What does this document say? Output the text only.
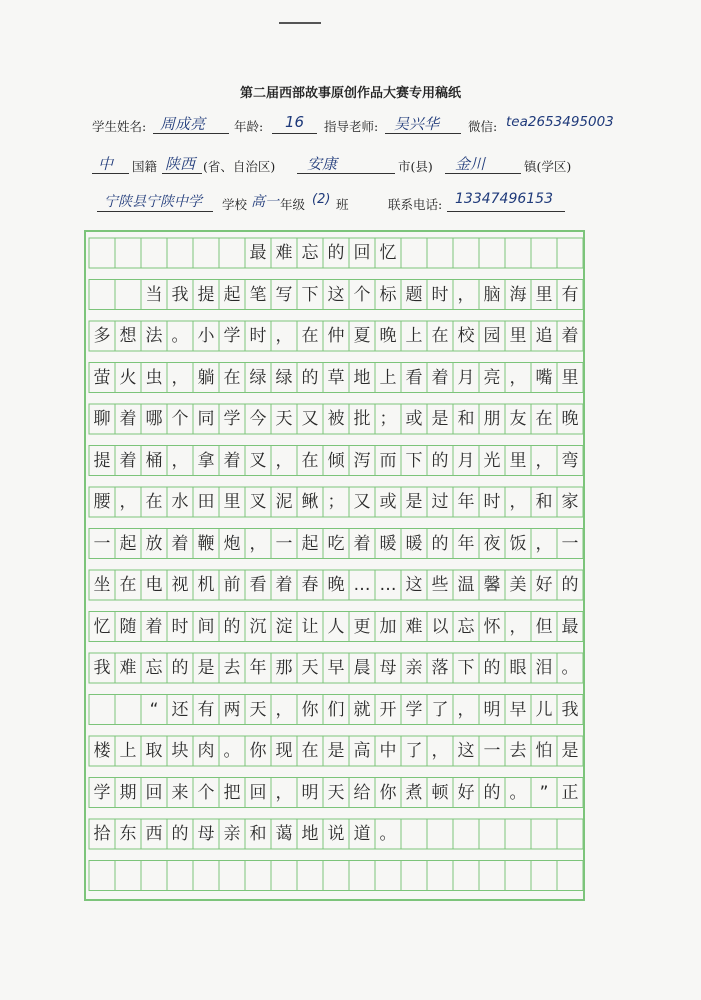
第二届西部故事原创作品大赛专用稿纸
学生姓名: 周成亮 年龄: 16 指导老师: 吴兴华 微信: tea2653495003
中 国籍 陕西 (省、自治区) 安康	市(县) 金川	镇(学区)
宁陕县宁陕中学 学校 高一 年级 (2) 班	联系电话: 13347496153
最 难 忘 的 回 忆
当 我 提 起 笔 写 下 这 个 标 题 时 ， 脑 海 里 有
多 想 法 。 小 学 时 ， 在 仲 夏 晚 上 在 校 园 里 追 着
萤 火 虫 ， 躺 在 绿 绿 的 草 地 上 看 着 月 亮 ， 嘴 里
聊 着 哪 个 同 学 今 天 又 被 批 ； 或 是 和 朋 友 在 晚
提 着 桶 ， 拿 着 叉 ， 在 倾 泻 而 下 的 月 光 里 ， 弯
腰 ， 在 水 田 里 叉 泥 鳅 ； 又 或 是 过 年 时 ， 和 家
一 起 放 着 鞭 炮 ， 一 起 吃 着 暖 暖 的 年 夜 饭 ， 一
坐 在 电 视 机 前 看 着 春 晚 … … 这 些 温 馨 美 好 的
忆 随 着 时 间 的 沉 淀 让 人 更 加 难 以 忘 怀 ， 但 最
我 难 忘 的 是 去 年 那 天 早 晨 母 亲 落 下 的 眼 泪 。
“ 还 有 两 天 ， 你 们 就 开 学 了 ， 明 早 儿 我
楼 上 取 块 肉 。 你 现 在 是 高 中 了 ， 这 一 去 怕 是
学 期 回 来 个 把 回 ， 明 天 给 你 煮 顿 好 的 。 ” 正
拾 东 西 的 母 亲 和 蔼 地 说 道 。
